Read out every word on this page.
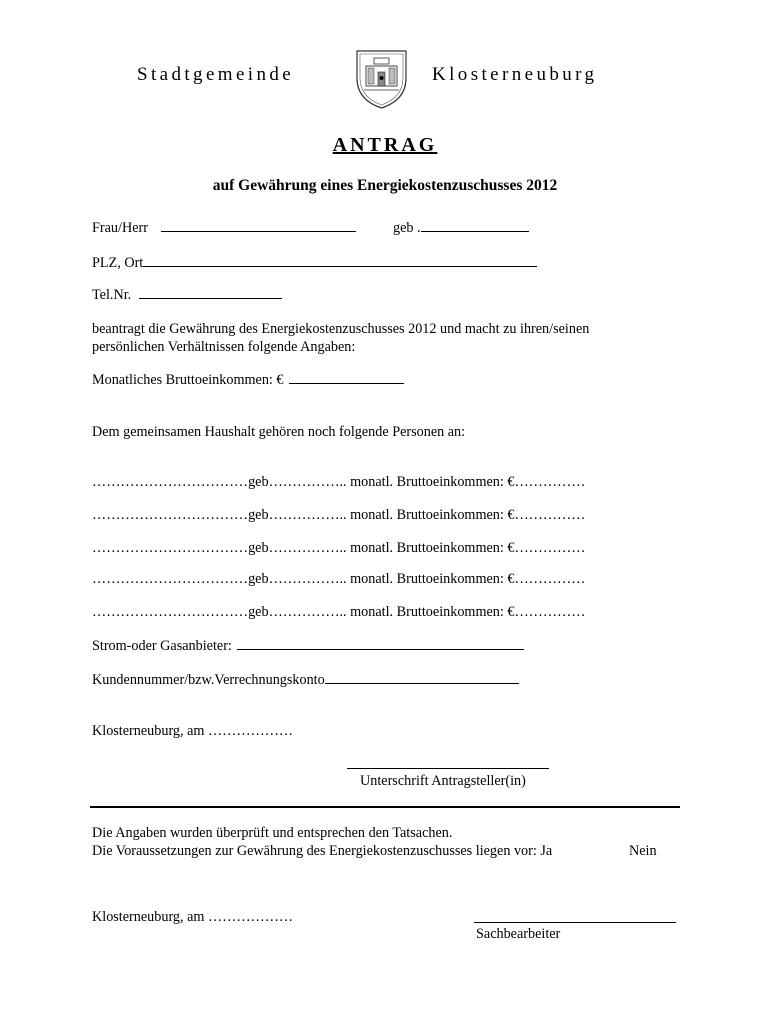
Stadtgemeinde	Klosterneuburg
ANTRAG
auf Gewährung eines Energiekostenzuschusses 2012
Frau/Herr	geb .
PLZ, Ort
Tel.Nr.
beantragt die Gewährung des Energiekostenzuschusses 2012 und macht zu ihren/seinen
persönlichen Verhältnissen folgende Angaben:
Monatliches Bruttoeinkommen: €
Dem gemeinsamen Haushalt gehören noch folgende Personen an:
……………………………geb…………….. monatl. Bruttoeinkommen: €……………
……………………………geb…………….. monatl. Bruttoeinkommen: €……………
……………………………geb…………….. monatl. Bruttoeinkommen: €……………
……………………………geb…………….. monatl. Bruttoeinkommen: €……………
……………………………geb…………….. monatl. Bruttoeinkommen: €……………
Strom-oder Gasanbieter:
Kundennummer/bzw.Verrechnungskonto
Klosterneuburg, am ………………
Unterschrift Antragsteller(in)
Die Angaben wurden überprüft und entsprechen den Tatsachen.
Die Voraussetzungen zur Gewährung des Energiekostenzuschusses liegen vor: Ja	Nein
Klosterneuburg, am ………………
Sachbearbeiter
